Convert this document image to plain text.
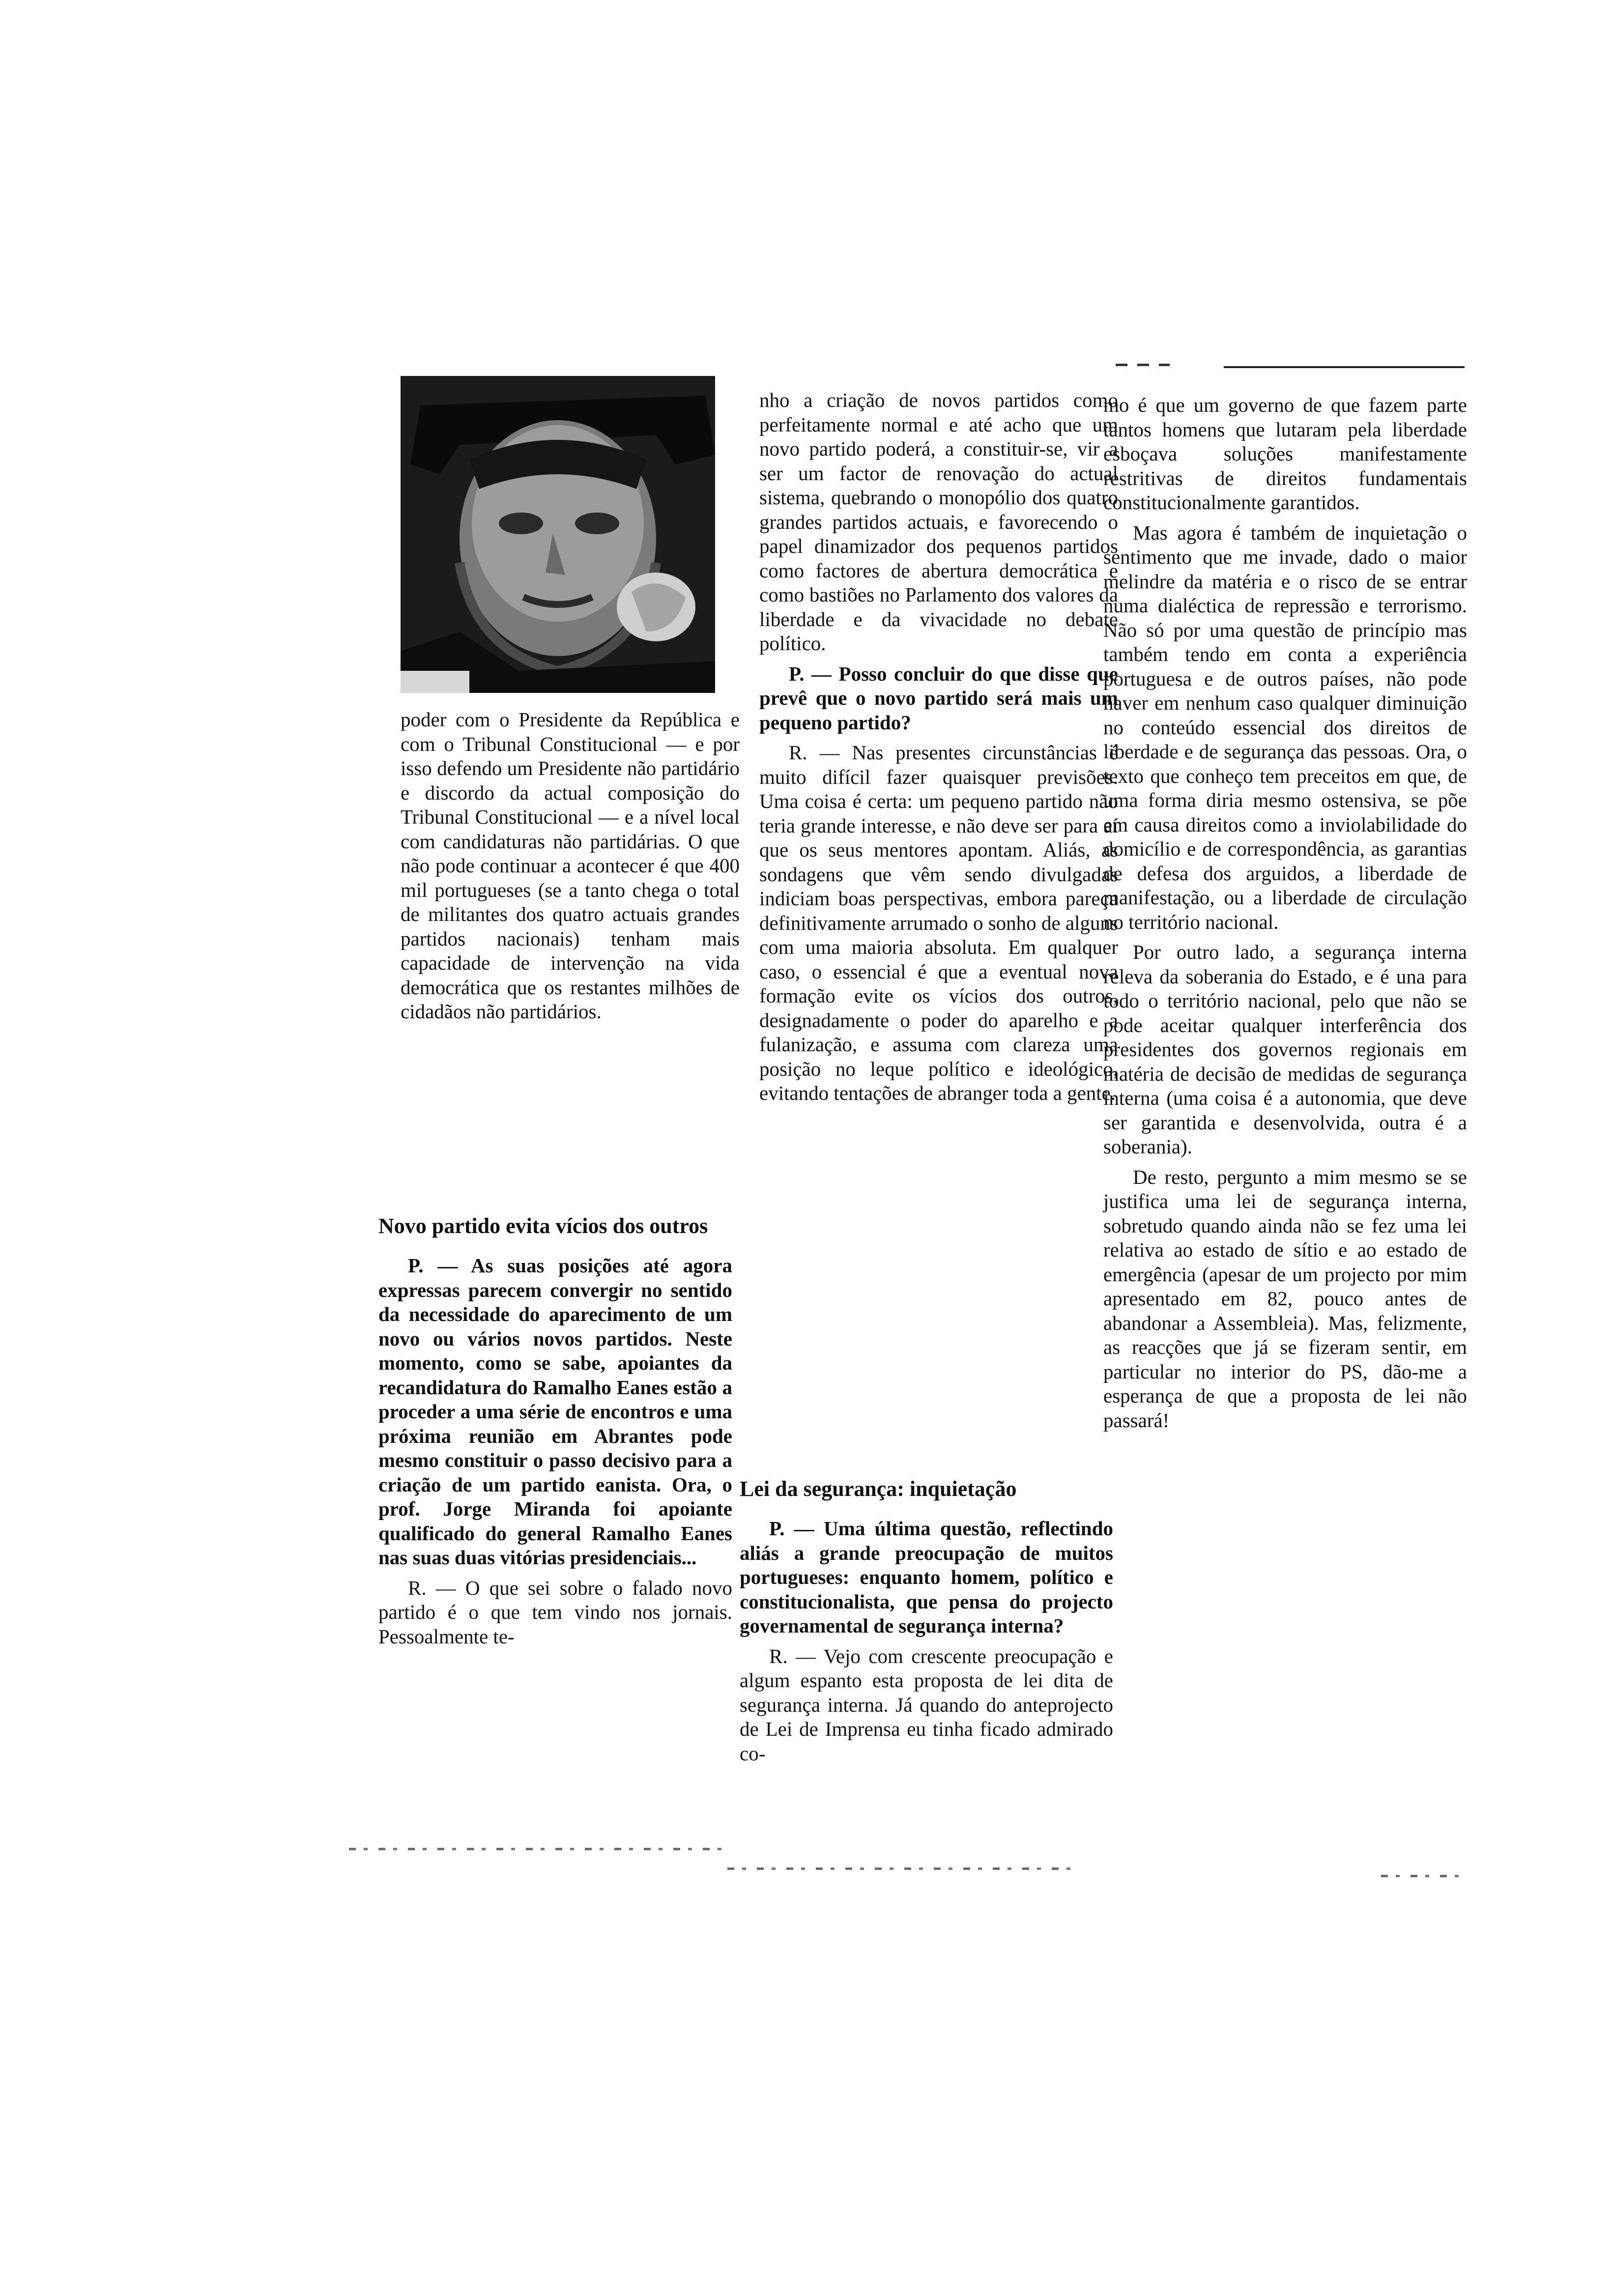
poder com o Presidente da República e com o Tribunal Constitucional — e por isso defendo um Presidente não partidário e discordo da actual composição do Tribunal Constitucional — e a nível local com candidaturas não partidárias. O que não pode continuar a acontecer é que 400 mil portugueses (se a tanto chega o total de militantes dos quatro actuais grandes partidos nacionais) tenham mais capacidade de intervenção na vida democrática que os restantes milhões de cidadãos não partidários.

Novo partido evita vícios dos outros

P. — As suas posições até agora expressas parecem convergir no sentido da necessidade do aparecimento de um novo ou vários novos partidos. Neste momento, como se sabe, apoiantes da recandidatura do Ramalho Eanes estão a proceder a uma série de encontros e uma próxima reunião em Abrantes pode mesmo constituir o passo decisivo para a criação de um partido eanista. Ora, o prof. Jorge Miranda foi apoiante qualificado do general Ramalho Eanes nas suas duas vitórias presidenciais...

R. — O que sei sobre o falado novo partido é o que tem vindo nos jornais. Pessoalmente te-

nho a criação de novos partidos como perfeitamente normal e até acho que um novo partido poderá, a constituir-se, vir a ser um factor de renovação do actual sistema, quebrando o monopólio dos quatro grandes partidos actuais, e favorecendo o papel dinamizador dos pequenos partidos como factores de abertura democrática e como bastiões no Parlamento dos valores da liberdade e da vivacidade no debate político.

P. — Posso concluir do que disse que prevê que o novo partido será mais um pequeno partido?

R. — Nas presentes circunstâncias é muito difícil fazer quaisquer previsões. Uma coisa é certa: um pequeno partido não teria grande interesse, e não deve ser para aí que os seus mentores apontam. Aliás, as sondagens que vêm sendo divulgadas indiciam boas perspectivas, embora pareça definitivamente arrumado o sonho de alguns com uma maioria absoluta. Em qualquer caso, o essencial é que a eventual nova formação evite os vícios dos outros, designadamente o poder do aparelho e a fulanização, e assuma com clareza uma posição no leque político e ideológico, evitando tentações de abranger toda a gente.

Lei da segurança: inquietação

P. — Uma última questão, reflectindo aliás a grande preocupação de muitos portugueses: enquanto homem, político e constitucionalista, que pensa do projecto governamental de segurança interna?

R. — Vejo com crescente preocupação e algum espanto esta proposta de lei dita de segurança interna. Já quando do anteprojecto de Lei de Imprensa eu tinha ficado admirado co-

mo é que um governo de que fazem parte tantos homens que lutaram pela liberdade esboçava soluções manifestamente restritivas de direitos fundamentais constitucionalmente garantidos.

Mas agora é também de inquietação o sentimento que me invade, dado o maior melindre da matéria e o risco de se entrar numa dialéctica de repressão e terrorismo. Não só por uma questão de princípio mas também tendo em conta a experiência portuguesa e de outros países, não pode haver em nenhum caso qualquer diminuição no conteúdo essencial dos direitos de liberdade e de segurança das pessoas. Ora, o texto que conheço tem preceitos em que, de uma forma diria mesmo ostensiva, se põe em causa direitos como a inviolabilidade do domicílio e de correspondência, as garantias de defesa dos arguidos, a liberdade de manifestação, ou a liberdade de circulação no território nacional.

Por outro lado, a segurança interna releva da soberania do Estado, e é una para todo o território nacional, pelo que não se pode aceitar qualquer interferência dos presidentes dos governos regionais em matéria de decisão de medidas de segurança interna (uma coisa é a autonomia, que deve ser garantida e desenvolvida, outra é a soberania).

De resto, pergunto a mim mesmo se se justifica uma lei de segurança interna, sobretudo quando ainda não se fez uma lei relativa ao estado de sítio e ao estado de emergência (apesar de um projecto por mim apresentado em 82, pouco antes de abandonar a Assembleia). Mas, felizmente, as reacções que já se fizeram sentir, em particular no interior do PS, dão-me a esperança de que a proposta de lei não passará!
